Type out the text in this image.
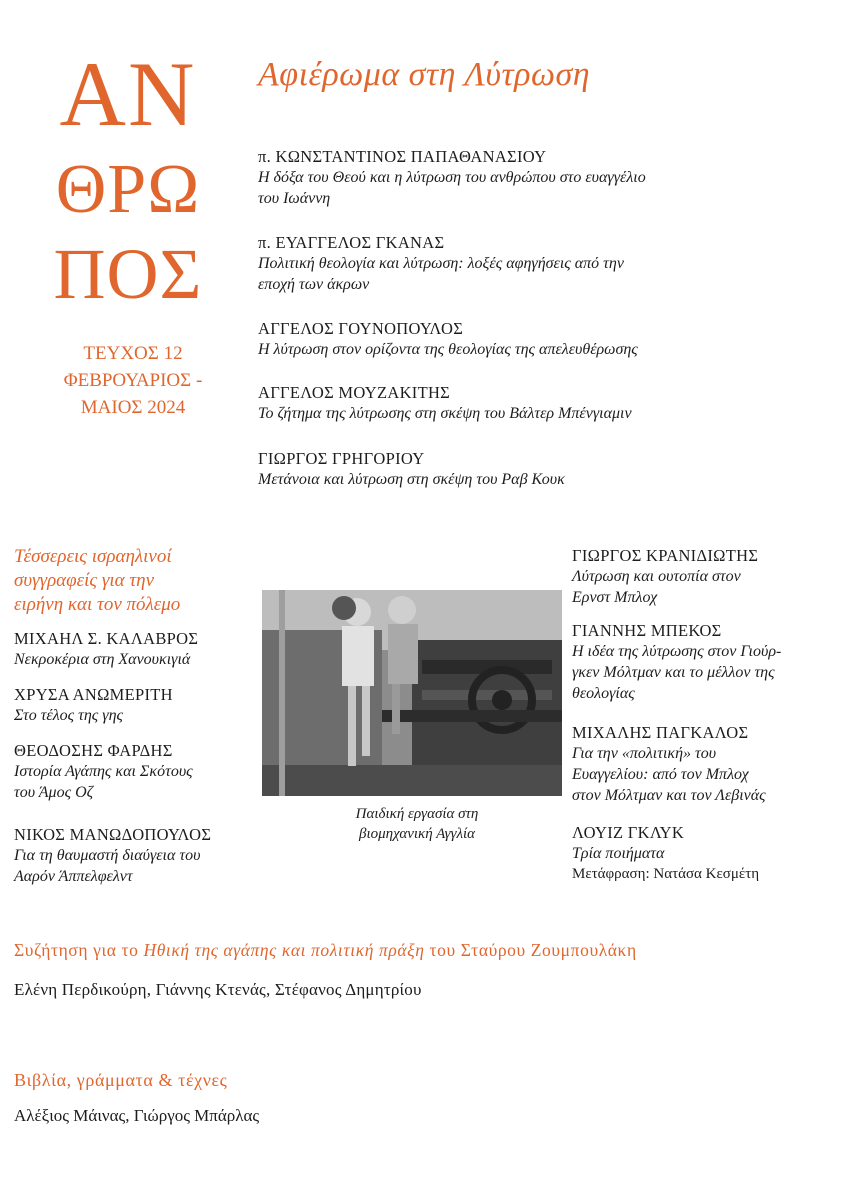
ΑΝ
ΘΡΩ
ΠΟΣ
ΤΕΥΧΟΣ 12
ΦΕΒΡΟΥΑΡΙΟΣ -
ΜΑΙΟΣ 2024
Αφιέρωμα στη Λύτρωση
π. ΚΩΝΣΤΑΝΤΙΝΟΣ ΠΑΠΑΘΑΝΑΣΙΟΥ
Η δόξα του Θεού και η λύτρωση του ανθρώπου στο ευαγγέλιο
του Ιωάννη
π. ΕΥΑΓΓΕΛΟΣ ΓΚΑΝΑΣ
Πολιτική θεολογία και λύτρωση: λοξές αφηγήσεις από την
εποχή των άκρων
ΑΓΓΕΛΟΣ ΓΟΥΝΟΠΟΥΛΟΣ
Η λύτρωση στον ορίζοντα της θεολογίας της απελευθέρωσης
ΑΓΓΕΛΟΣ ΜΟΥΖΑΚΙΤΗΣ
Το ζήτημα της λύτρωσης στη σκέψη του Βάλτερ Μπένγιαμιν
ΓΙΩΡΓΟΣ ΓΡΗΓΟΡΙΟΥ
Μετάνοια και λύτρωση στη σκέψη του Ραβ Κουκ
Τέσσερεις ισραηλινοί
συγγραφείς για την
ειρήνη και τον πόλεμο
ΜΙΧΑΗΛ Σ. ΚΑΛΑΒΡΟΣ
Νεκροκέρια στη Χανουκιγιά
ΧΡΥΣΑ ΑΝΩΜΕΡΙΤΗ
Στο τέλος της γης
ΘΕΟΔΟΣΗΣ ΦΑΡΔΗΣ
Ιστορία Αγάπης και Σκότους
του Άμος Οζ
ΝΙΚΟΣ ΜΑΝΩΔΟΠΟΥΛΟΣ
Για τη θαυμαστή διαύγεια του
Ααρόν Άππελφελντ
Παιδική εργασία στη
βιομηχανική Αγγλία
ΓΙΩΡΓΟΣ ΚΡΑΝΙΔΙΩΤΗΣ
Λύτρωση και ουτοπία στον
Ερνστ Μπλοχ
ΓΙΑΝΝΗΣ ΜΠΕΚΟΣ
Η ιδέα της λύτρωσης στον Γιούρ-
γκεν Μόλτμαν και το μέλλον της
θεολογίας
ΜΙΧΑΛΗΣ ΠΑΓΚΑΛΟΣ
Για την «πολιτική» του
Ευαγγελίου: από τον Μπλοχ
στον Μόλτμαν και τον Λεβινάς
ΛΟΥΙΖ ΓΚΛΥΚ
Τρία ποιήματα
Μετάφραση: Νατάσα Κεσμέτη
Συζήτηση για το Ηθική της αγάπης και πολιτική πράξη του Σταύρου Ζουμπουλάκη
Ελένη Περδικούρη, Γιάννης Κτενάς, Στέφανος Δημητρίου
Βιβλία, γράμματα & τέχνες
Αλέξιος Μάινας, Γιώργος Μπάρλας
